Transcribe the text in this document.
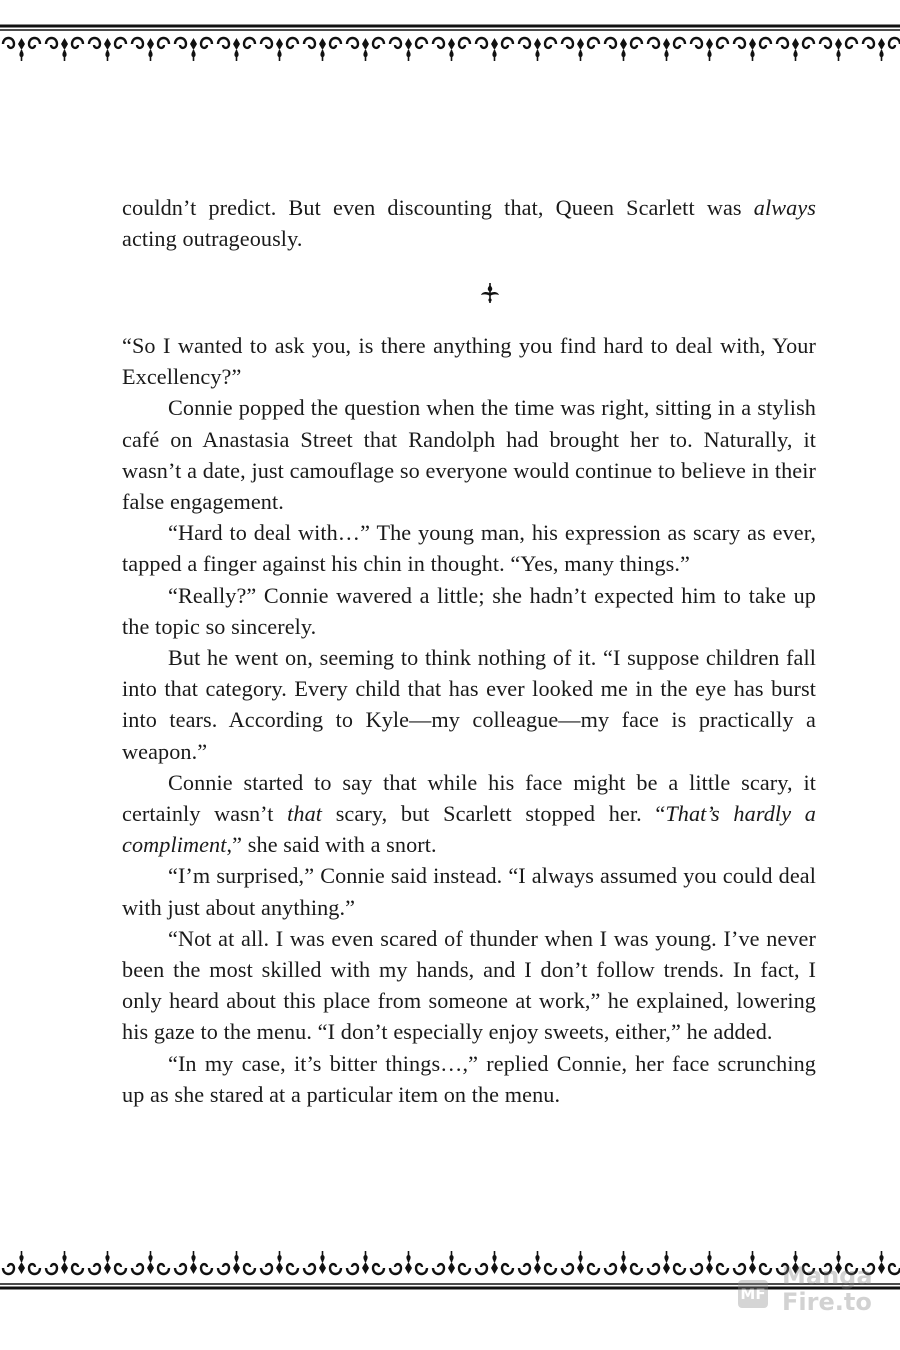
couldn’t predict. But even discounting that, Queen Scarlett was always acting outrageously.

“So I wanted to ask you, is there anything you find hard to deal with, Your Excellency?”

Connie popped the question when the time was right, sitting in a stylish café on Anastasia Street that Randolph had brought her to. Naturally, it wasn’t a date, just camouflage so everyone would continue to believe in their false engagement.

“Hard to deal with…” The young man, his expression as scary as ever, tapped a finger against his chin in thought. “Yes, many things.”

“Really?” Connie wavered a little; she hadn’t expected him to take up the topic so sincerely.

But he went on, seeming to think nothing of it. “I suppose children fall into that category. Every child that has ever looked me in the eye has burst into tears. According to Kyle—my colleague—my face is practically a weapon.”

Connie started to say that while his face might be a little scary, it certainly wasn’t that scary, but Scarlett stopped her. “That’s hardly a compliment,” she said with a snort.

“I’m surprised,” Connie said instead. “I always assumed you could deal with just about anything.”

“Not at all. I was even scared of thunder when I was young. I’ve never been the most skilled with my hands, and I don’t follow trends. In fact, I only heard about this place from someone at work,” he explained, lowering his gaze to the menu. “I don’t especially enjoy sweets, either,” he added.

“In my case, it’s bitter things…,” replied Connie, her face scrunching up as she stared at a particular item on the menu.

MF
Manga
Fire.to
